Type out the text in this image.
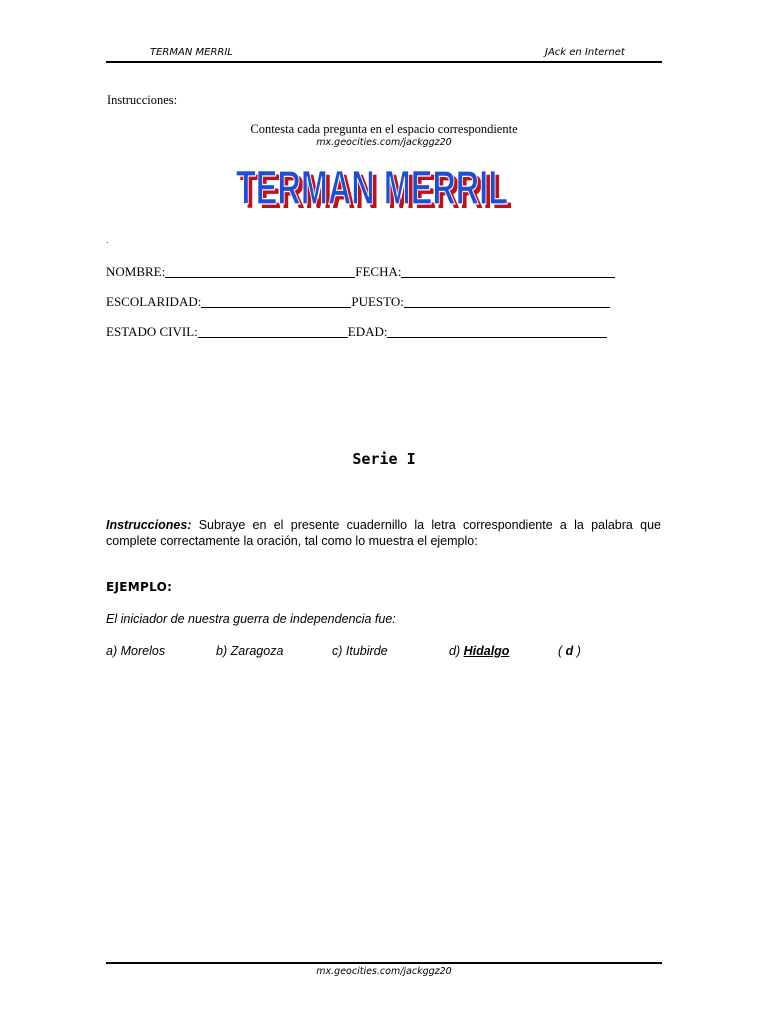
TERMAN MERRIL	JAck en Internet
Instrucciones:
Contesta cada pregunta en el espacio correspondiente
mx.geocities.com/jackggz20
TERMAN MERRIL
TERMAN MERRIL
.
NOMBRE:	FECHA:
ESCOLARIDAD:	PUESTO:
ESTADO CIVIL:	EDAD:
Serie I
Instrucciones: Subraye en el presente cuadernillo la letra correspondiente a la palabra que complete correctamente la oración, tal como lo muestra el ejemplo:
EJEMPLO:
El iniciador de nuestra guerra de independencia fue:
a) Morelos	b) Zaragoza	c) Itubirde	d) Hidalgo	( d )
mx.geocities.com/jackggz20
